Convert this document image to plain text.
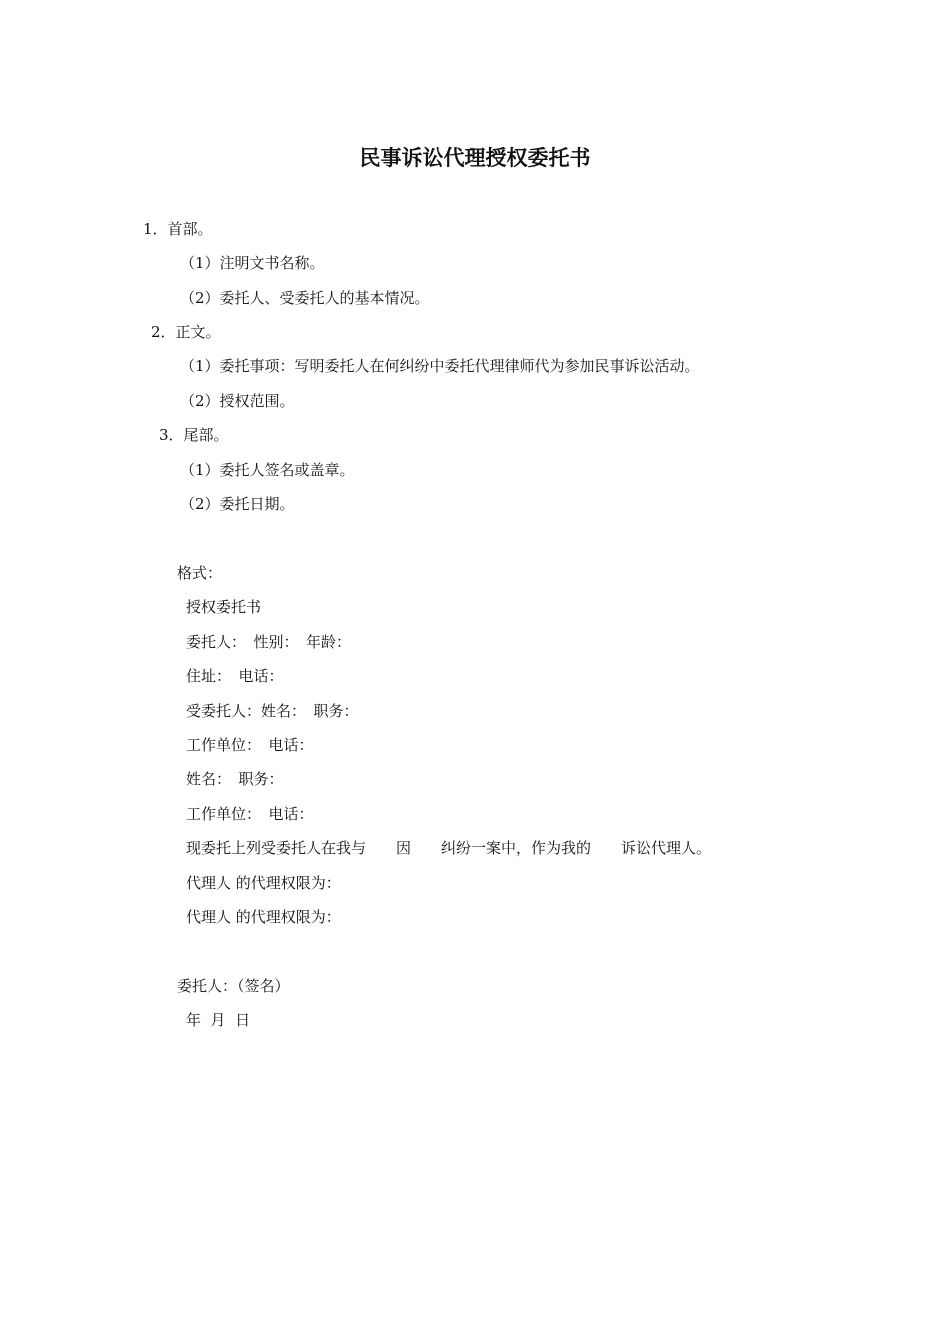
民事诉讼代理授权委托书

1．首部。

（1）注明文书名称。

（2）委托人、受委托人的基本情况。

2．正文。

（1）委托事项：写明委托人在何纠纷中委托代理律师代为参加民事诉讼活动。

（2）授权范围。

3．尾部。

（1）委托人签名或盖章。

（2）委托日期。

格式：

授权委托书

委托人：　性别：　年龄：

住址：　电话：

受委托人：姓名：　职务：

工作单位：　电话：

姓名：　职务：

工作单位：　电话：

现委托上列受委托人在我与　　因　　纠纷一案中，作为我的　　诉讼代理人。

代理人 的代理权限为：

代理人 的代理权限为：

委托人：（签名）

年  月  日
